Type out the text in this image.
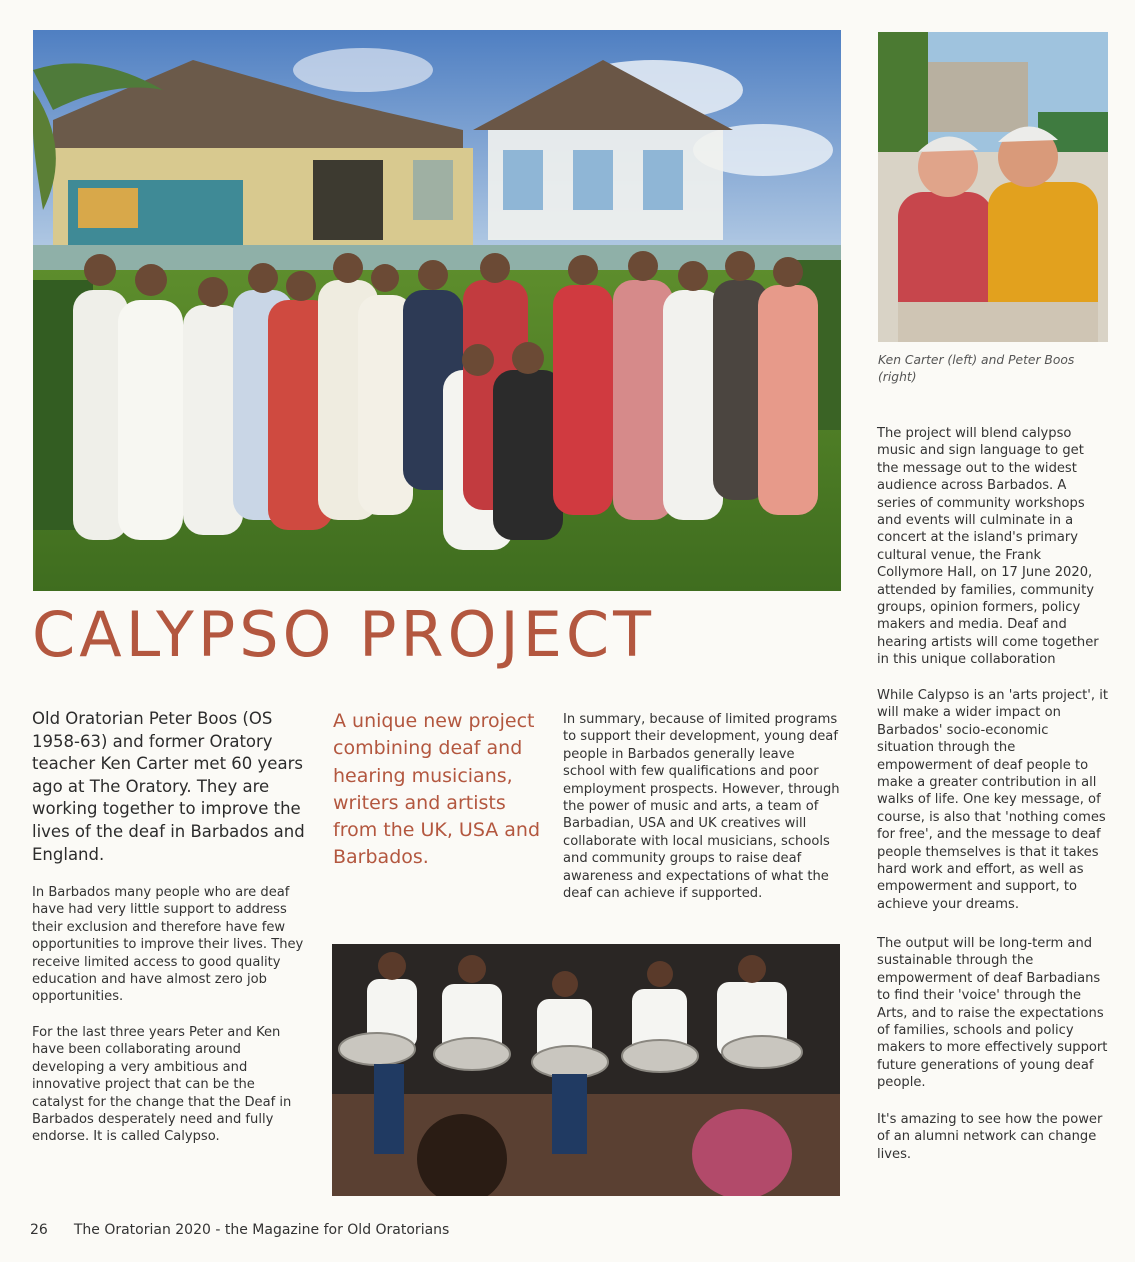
Ken Carter (left) and Peter Boos (right)

CALYPSO PROJECT

Old Oratorian Peter Boos (OS 1958-63) and former Oratory teacher Ken Carter met 60 years ago at The Oratory. They are working together to improve the lives of the deaf in Barbados and England.

In Barbados many people who are deaf have had very little support to address their exclusion and therefore have few opportunities to improve their lives. They receive limited access to good quality education and have almost zero job opportunities.

For the last three years Peter and Ken have been collaborating around developing a very ambitious and innovative project that can be the catalyst for the change that the Deaf in Barbados desperately need and fully endorse. It is called Calypso.

A unique new project combining deaf and hearing musicians, writers and artists from the UK, USA and Barbados.

In summary, because of limited programs to support their development, young deaf people in Barbados generally leave school with few qualifications and poor employment prospects. However, through the power of music and arts, a team of Barbadian, USA and UK creatives will collaborate with local musicians, schools and community groups to raise deaf awareness and expectations of what the deaf can achieve if supported.

The project will blend calypso music and sign language to get the message out to the widest audience across Barbados. A series of community workshops and events will culminate in a concert at the island's primary cultural venue, the Frank Collymore Hall, on 17 June 2020, attended by families, community groups, opinion formers, policy makers and media. Deaf and hearing artists will come together in this unique collaboration

While Calypso is an 'arts project', it will make a wider impact on Barbados' socio-economic situation through the empowerment of deaf people to make a greater contribution in all walks of life. One key message, of course, is also that 'nothing comes for free', and the message to deaf people themselves is that it takes hard work and effort, as well as empowerment and support, to achieve your dreams.

The output will be long-term and sustainable through the empowerment of deaf Barbadians to find their 'voice' through the Arts, and to raise the expectations of families, schools and policy makers to more effectively support future generations of young deaf people.

It's amazing to see how the power of an alumni network can change lives.

26 The Oratorian 2020 - the Magazine for Old Oratorians
